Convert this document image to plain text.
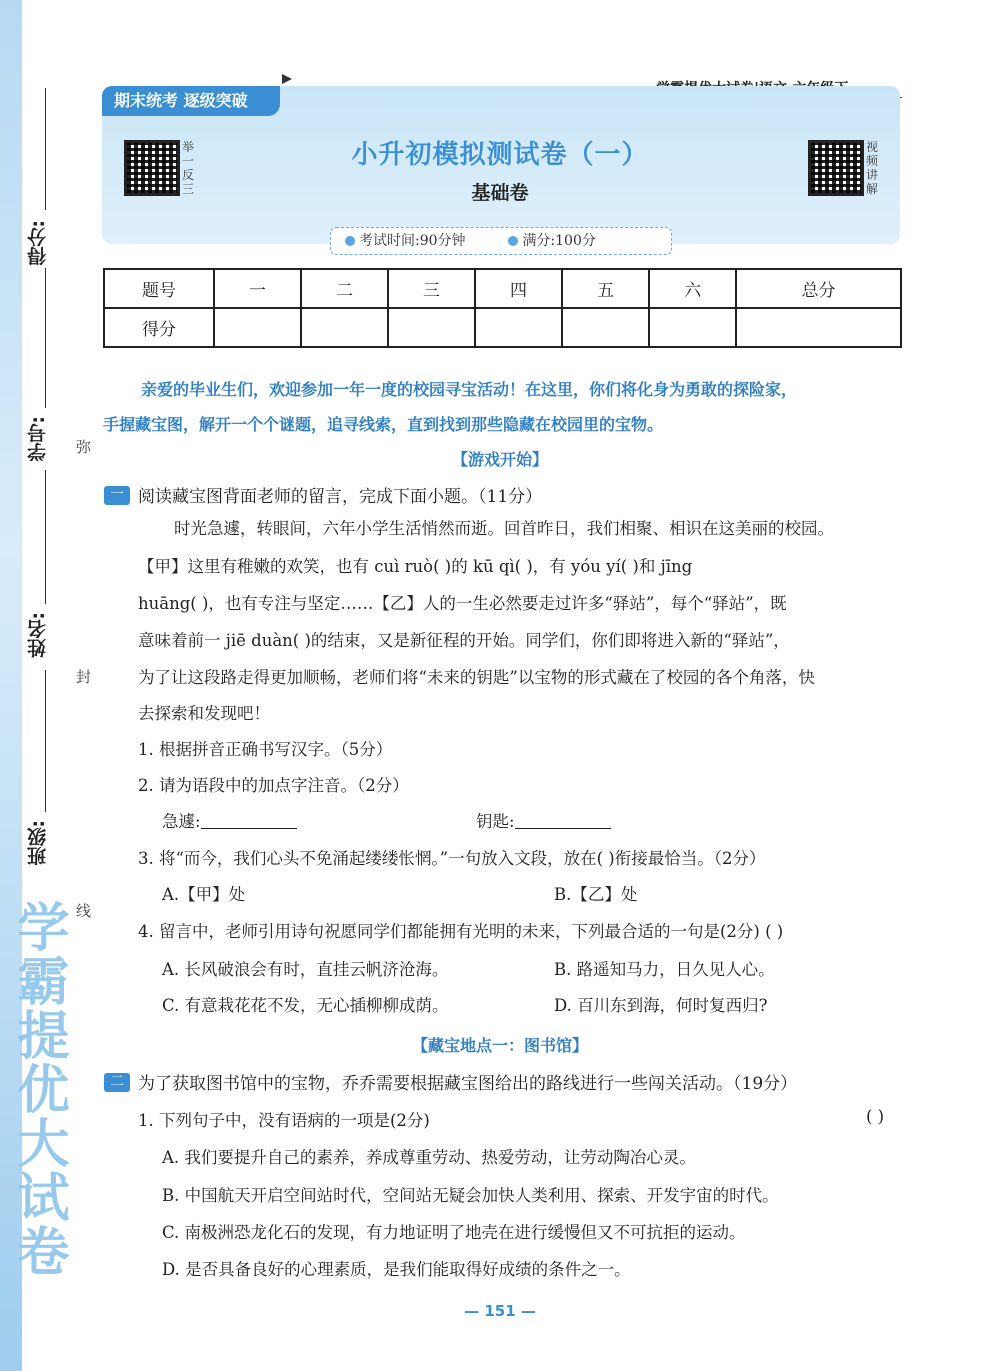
学霸提优大试卷
得分:
学号:
姓名:
班级:
弥
封
线
期末统考 逐级突破
举一反三
视频讲解
小升初模拟测试卷（一）
基础卷
考试时间:90分钟	满分:100分
题号	一	二	三	四	五	六	总分
得分							
亲爱的毕业生们，欢迎参加一年一度的校园寻宝活动！在这里，你们将化身为勇敢的探险家，
手握藏宝图，解开一个个谜题，追寻线索，直到找到那些隐藏在校园里的宝物。
【游戏开始】
一 阅读藏宝图背面老师的留言，完成下面小题。（11分）
时光急遽，转眼间，六年小学生活悄然而逝。回首昨日，我们相聚、相识在这美丽的校园。
【甲】这里有稚嫩的欢笑，也有 cuì ruò( )的 kū qì( )，有 yóu yí( )和 jīng
huāng( )，也有专注与坚定……【乙】人的一生必然要走过许多“驿站”，每个“驿站”，既
意味着前一 jiē duàn( )的结束，又是新征程的开始。同学们，你们即将进入新的“驿站”，
为了让这段路走得更加顺畅，老师们将“未来的钥匙”以宝物的形式藏在了校园的各个角落，快
去探索和发现吧！
1. 根据拼音正确书写汉字。（5分）
2. 请为语段中的加点字注音。（2分）
急遽:	钥匙:
3. 将“而今，我们心头不免涌起缕缕怅惘。”一句放入文段，放在( )衔接最恰当。（2分）
A.【甲】处	B.【乙】处
4. 留言中，老师引用诗句祝愿同学们都能拥有光明的未来，下列最合适的一句是(2分) ( )
A. 长风破浪会有时，直挂云帆济沧海。	B. 路遥知马力，日久见人心。
C. 有意栽花花不发，无心插柳柳成荫。	D. 百川东到海，何时复西归?
【藏宝地点一：图书馆】
二 为了获取图书馆中的宝物，乔乔需要根据藏宝图给出的路线进行一些闯关活动。（19分）
1. 下列句子中，没有语病的一项是(2分)	( )
A. 我们要提升自己的素养，养成尊重劳动、热爱劳动，让劳动陶冶心灵。
B. 中国航天开启空间站时代，空间站无疑会加快人类利用、探索、开发宇宙的时代。
C. 南极洲恐龙化石的发现，有力地证明了地壳在进行缓慢但又不可抗拒的运动。
D. 是否具备良好的心理素质，是我们能取得好成绩的条件之一。
— 151 —
